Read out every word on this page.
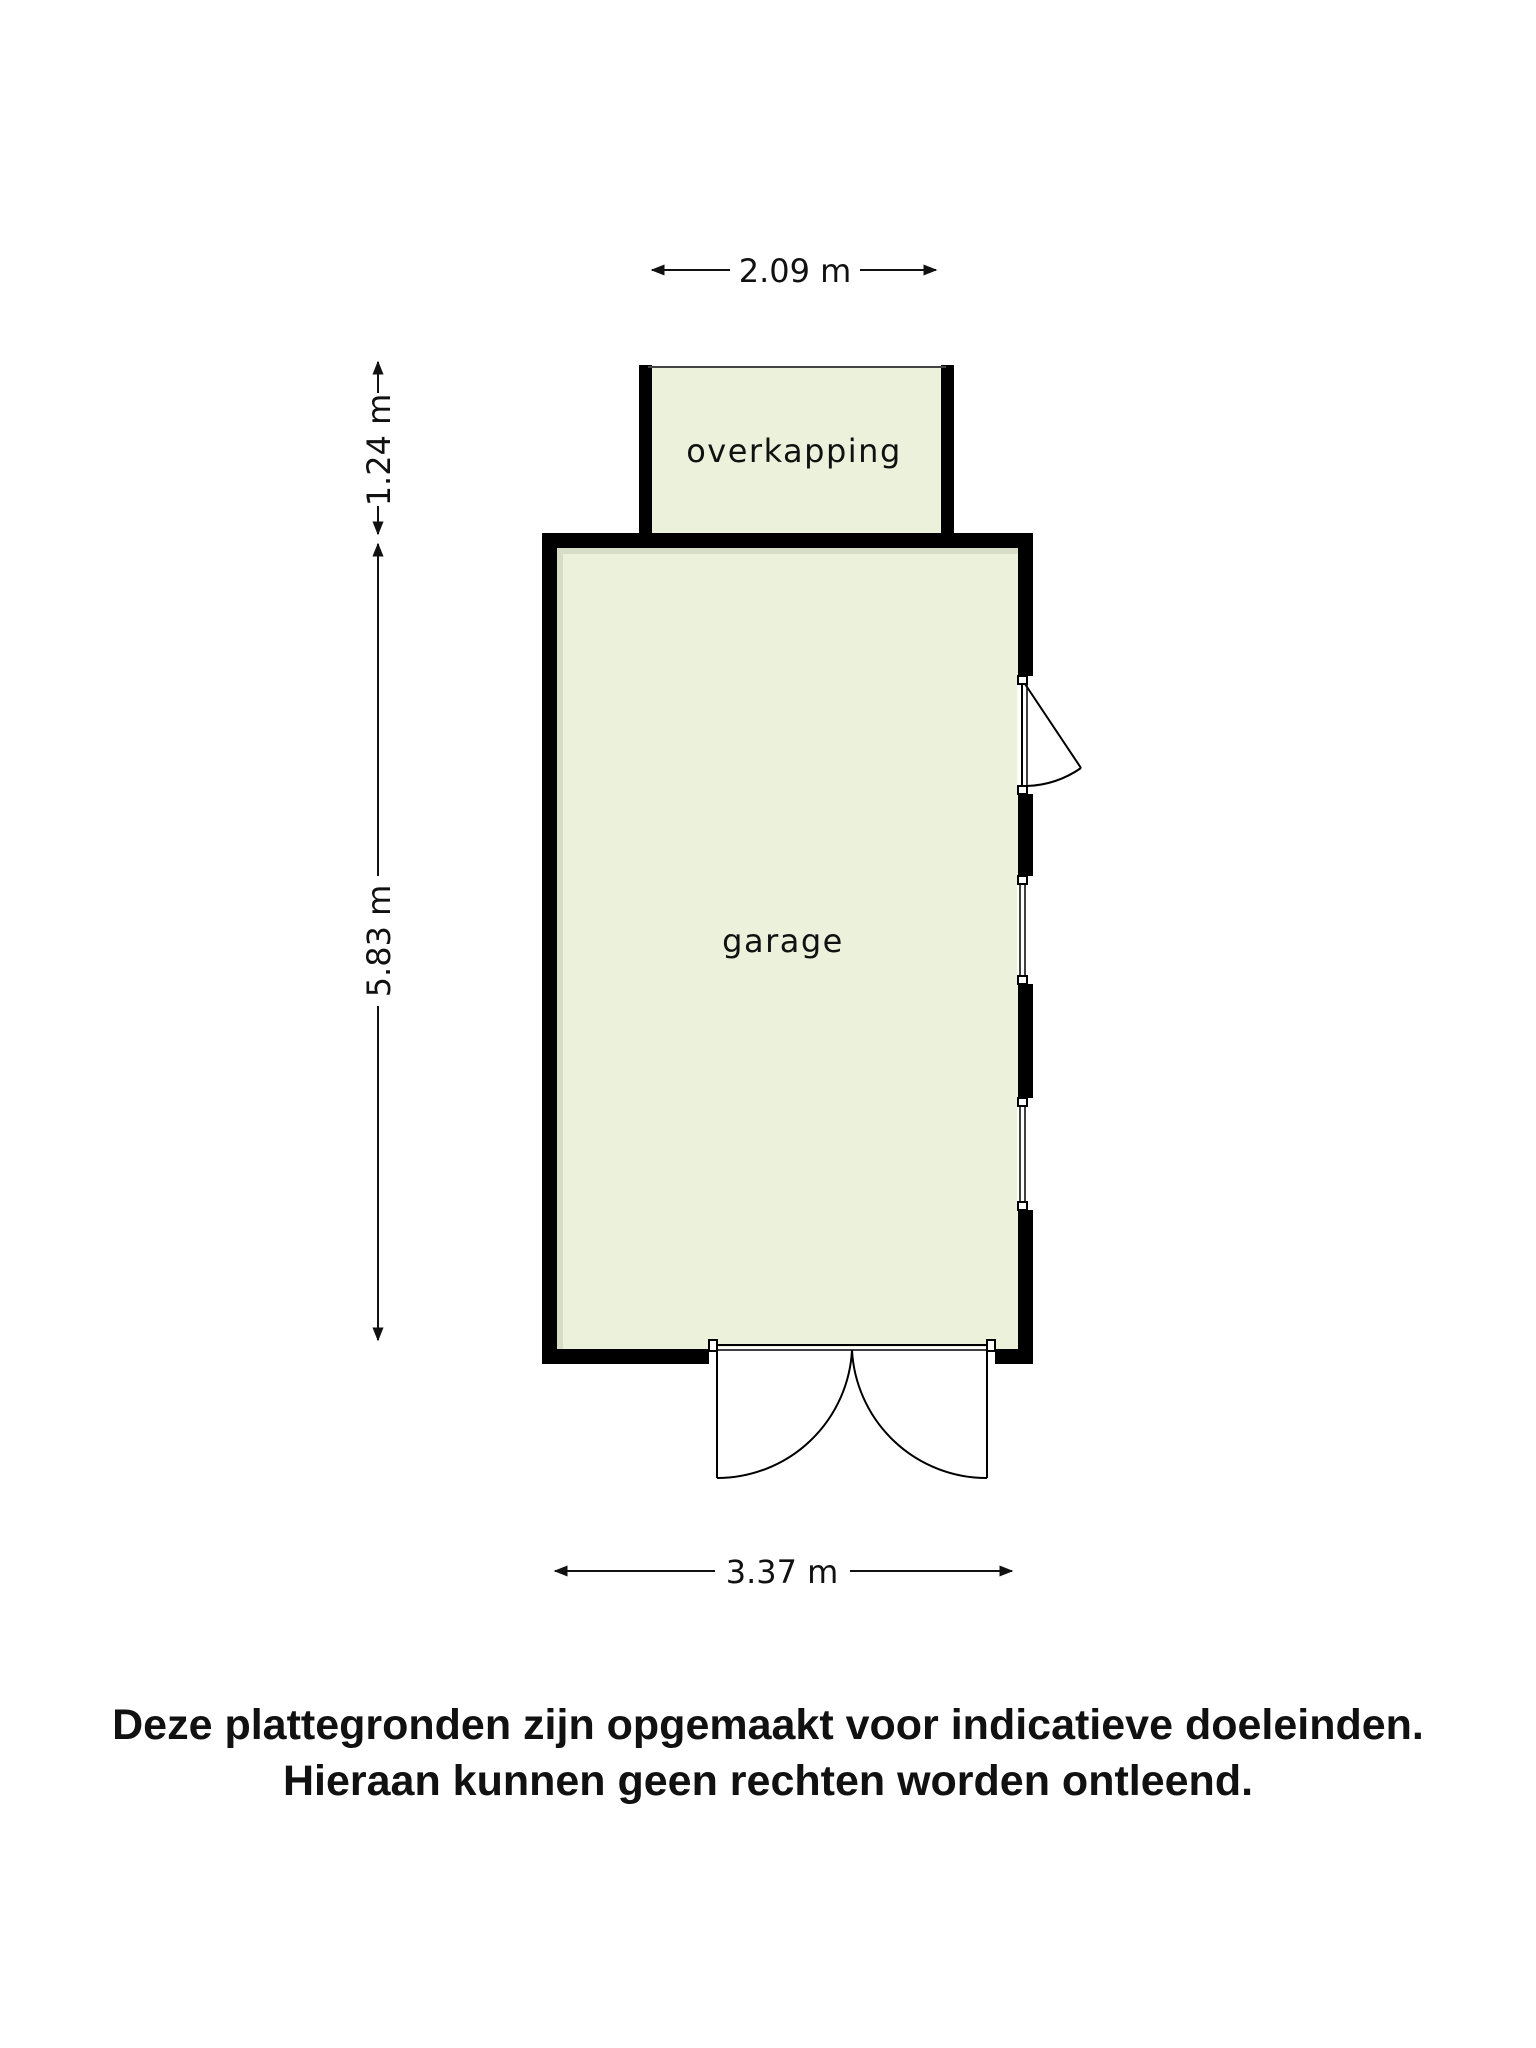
overkapping
garage
2.09 m
3.37 m
1.24 m
5.83 m
Deze plattegronden zijn opgemaakt voor indicatieve doeleinden.
Hieraan kunnen geen rechten worden ontleend.
